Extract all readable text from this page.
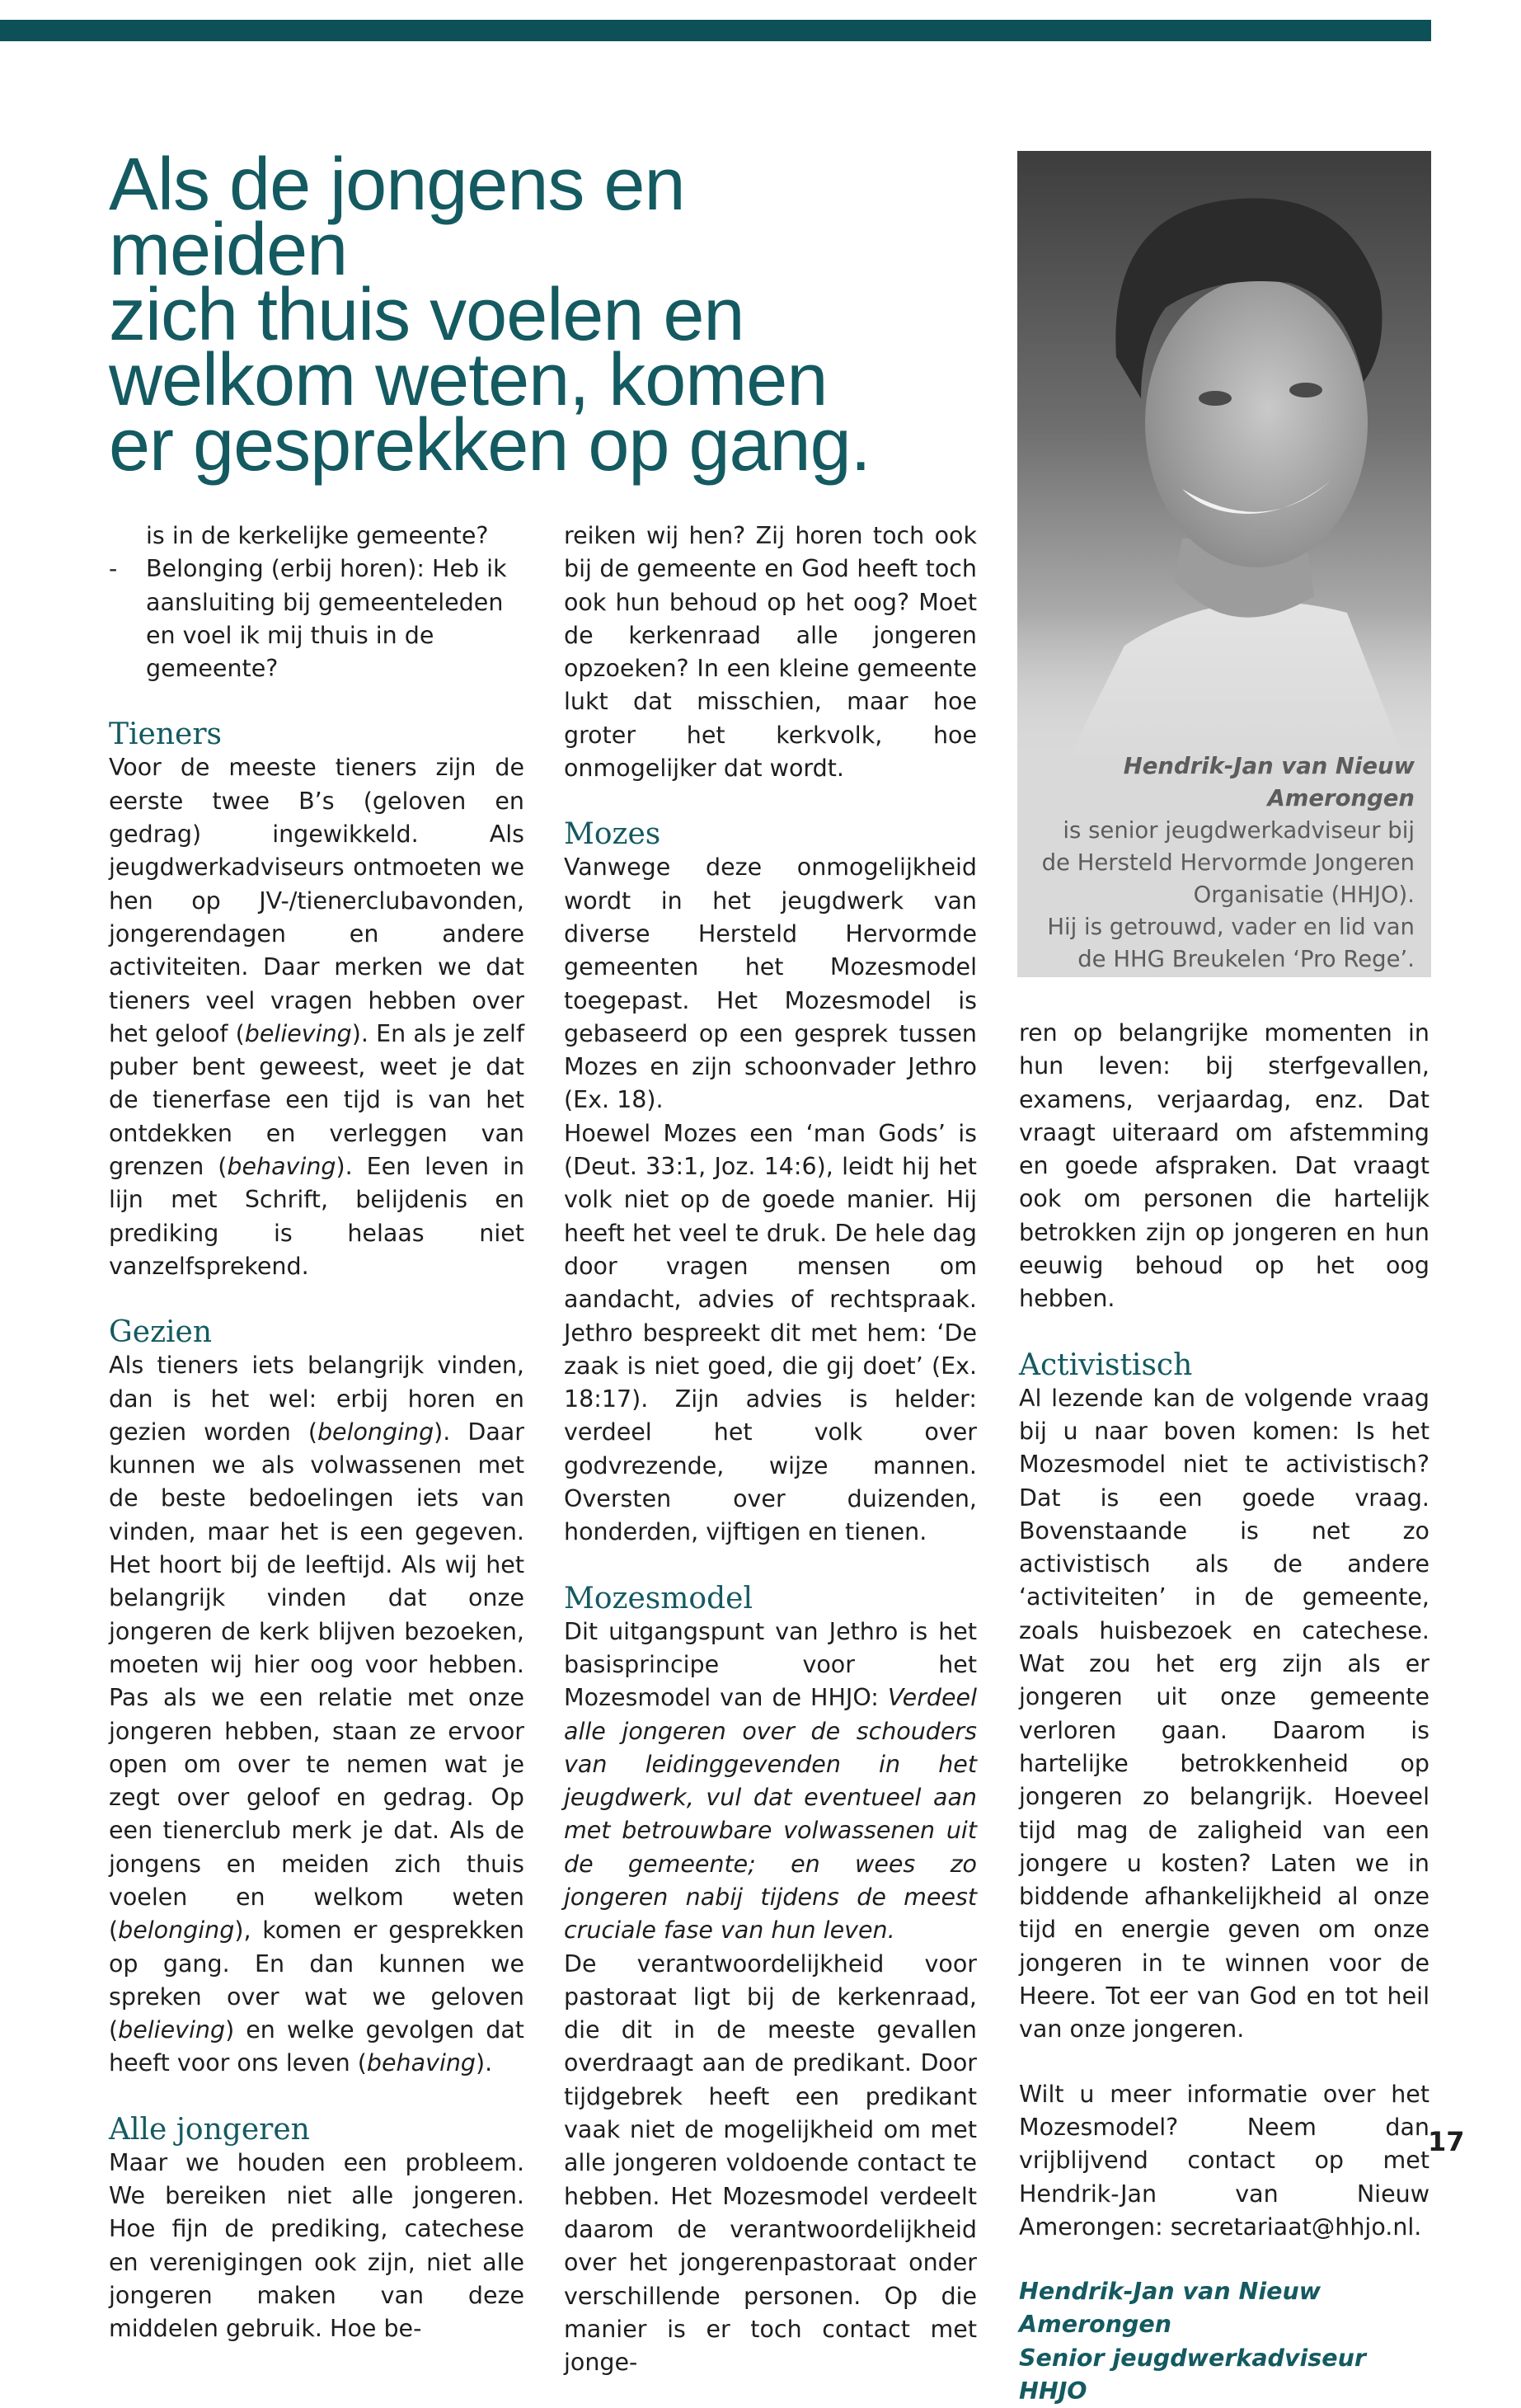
Als de jongens en meiden
zich thuis voelen en
welkom weten, komen
er gesprekken op gang.
Hendrik-Jan van Nieuw Amerongen
is senior jeugdwerkadviseur bij
de Hersteld Hervormde Jongeren
Organisatie (HHJO).
Hij is getrouwd, vader en lid van
de HHG Breukelen ‘Pro Rege’.

is in de kerkelijke gemeente?

-	Belonging (erbij horen): Heb ik aansluiting bij gemeenteleden en voel ik mij thuis in de gemeente?
Tieners

Voor de meeste tieners zijn de eerste twee B’s (geloven en gedrag) ingewikkeld. Als jeugdwerkadviseurs ontmoeten we hen op JV-/tienerclubavonden, jongerendagen en andere activiteiten. Daar merken we dat tieners veel vragen hebben over het geloof (believing). En als je zelf puber bent geweest, weet je dat de tienerfase een tijd is van het ontdekken en verleggen van grenzen (behaving). Een leven in lijn met Schrift, belijdenis en prediking is helaas niet vanzelfsprekend.

Gezien

Als tieners iets belangrijk vinden, dan is het wel: erbij horen en gezien worden (belonging). Daar kunnen we als volwassenen met de beste bedoelingen iets van vinden, maar het is een gegeven. Het hoort bij de leeftijd. Als wij het belangrijk vinden dat onze jongeren de kerk blijven bezoeken, moeten wij hier oog voor hebben. Pas als we een relatie met onze jongeren hebben, staan ze ervoor open om over te nemen wat je zegt over geloof en gedrag. Op een tienerclub merk je dat. Als de jongens en meiden zich thuis voelen en welkom weten (belonging), komen er gesprekken op gang. En dan kunnen we spreken over wat we geloven (believing) en welke gevolgen dat heeft voor ons leven (behaving).

Alle jongeren

Maar we houden een probleem. We bereiken niet alle jongeren. Hoe fijn de prediking, catechese en verenigingen ook zijn, niet alle jongeren maken van deze middelen gebruik. Hoe be-

reiken wij hen? Zij horen toch ook bij de gemeente en God heeft toch ook hun behoud op het oog? Moet de kerkenraad alle jongeren opzoeken? In een kleine gemeente lukt dat misschien, maar hoe groter het kerkvolk, hoe onmogelijker dat wordt.

Mozes

Vanwege deze onmogelijkheid wordt in het jeugdwerk van diverse Hersteld Hervormde gemeenten het Mozesmodel toegepast. Het Mozesmodel is gebaseerd op een gesprek tussen Mozes en zijn schoonvader Jethro (Ex. 18).

Hoewel Mozes een ‘man Gods’ is (Deut. 33:1, Joz. 14:6), leidt hij het volk niet op de goede manier. Hij heeft het veel te druk. De hele dag door vragen mensen om aandacht, advies of rechtspraak. Jethro bespreekt dit met hem: ‘De zaak is niet goed, die gij doet’ (Ex. 18:17). Zijn advies is helder: verdeel het volk over godvrezende, wijze mannen. Oversten over duizenden, honderden, vijftigen en tienen.

Mozesmodel

Dit uitgangspunt van Jethro is het basisprincipe voor het Mozesmodel van de HHJO: Verdeel alle jongeren over de schouders van leidinggevenden in het jeugdwerk, vul dat eventueel aan met betrouwbare volwassenen uit de gemeente; en wees zo jongeren nabij tijdens de meest cruciale fase van hun leven.

De verantwoordelijkheid voor pastoraat ligt bij de kerkenraad, die dit in de meeste gevallen overdraagt aan de predikant. Door tijdgebrek heeft een predikant vaak niet de mogelijkheid om met alle jongeren voldoende contact te hebben. Het Mozesmodel verdeelt daarom de verantwoordelijkheid over het jongerenpastoraat onder verschillende personen. Op die manier is er toch contact met jonge-

ren op belangrijke momenten in hun leven: bij sterfgevallen, examens, verjaardag, enz. Dat vraagt uiteraard om afstemming en goede afspraken. Dat vraagt ook om personen die hartelijk betrokken zijn op jongeren en hun eeuwig behoud op het oog hebben.

Activistisch

Al lezende kan de volgende vraag bij u naar boven komen: Is het Mozesmodel niet te activistisch? Dat is een goede vraag. Bovenstaande is net zo activistisch als de andere ‘activiteiten’ in de gemeente, zoals huisbezoek en catechese. Wat zou het erg zijn als er jongeren uit onze gemeente verloren gaan. Daarom is hartelijke betrokkenheid op jongeren zo belangrijk. Hoeveel tijd mag de zaligheid van een jongere u kosten? Laten we in biddende afhankelijkheid al onze tijd en energie geven om onze jongeren in te winnen voor de Heere. Tot eer van God en tot heil van onze jongeren.

Wilt u meer informatie over het Mozesmodel? Neem dan vrijblijvend contact op met Hendrik-Jan van Nieuw Amerongen: secretariaat@hhjo.nl.

Hendrik-Jan van Nieuw Amerongen

Senior jeugdwerkadviseur HHJO

17
